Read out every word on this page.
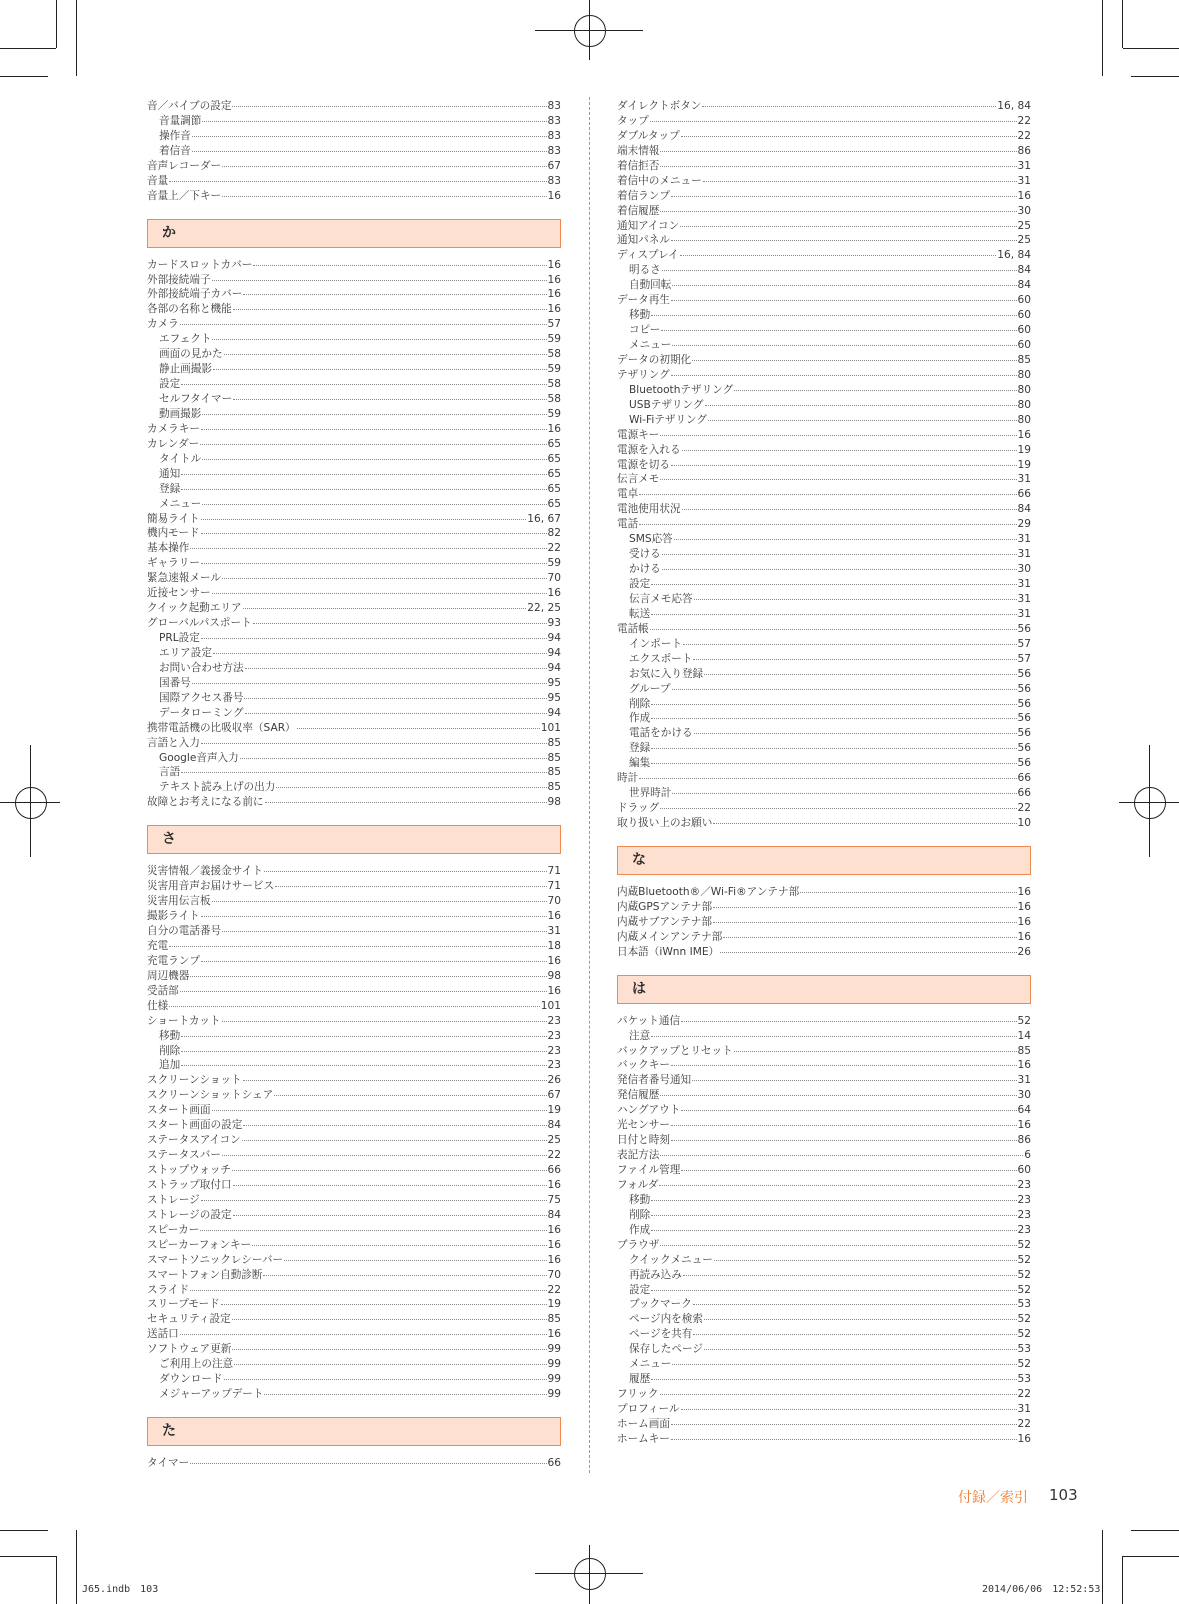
音／バイブの設定	83
音量調節	83
操作音	83
着信音	83
音声レコーダー	67
音量	83
音量上／下キー	16
か
カードスロットカバー	16
外部接続端子	16
外部接続端子カバー	16
各部の名称と機能	16
カメラ	57
エフェクト	59
画面の見かた	58
静止画撮影	59
設定	58
セルフタイマー	58
動画撮影	59
カメラキー	16
カレンダー	65
タイトル	65
通知	65
登録	65
メニュー	65
簡易ライト	16, 67
機内モード	82
基本操作	22
ギャラリー	59
緊急速報メール	70
近接センサー	16
クイック起動エリア	22, 25
グローバルパスポート	93
PRL設定	94
エリア設定	94
お問い合わせ方法	94
国番号	95
国際アクセス番号	95
データローミング	94
携帯電話機の比吸収率（SAR）	101
言語と入力	85
Google音声入力	85
言語	85
テキスト読み上げの出力	85
故障とお考えになる前に	98
さ
災害情報／義援金サイト	71
災害用音声お届けサービス	71
災害用伝言板	70
撮影ライト	16
自分の電話番号	31
充電	18
充電ランプ	16
周辺機器	98
受話部	16
仕様	101
ショートカット	23
移動	23
削除	23
追加	23
スクリーンショット	26
スクリーンショットシェア	67
スタート画面	19
スタート画面の設定	84
ステータスアイコン	25
ステータスバー	22
ストップウォッチ	66
ストラップ取付口	16
ストレージ	75
ストレージの設定	84
スピーカー	16
スピーカーフォンキー	16
スマートソニックレシーバー	16
スマートフォン自動診断	70
スライド	22
スリープモード	19
セキュリティ設定	85
送話口	16
ソフトウェア更新	99
ご利用上の注意	99
ダウンロード	99
メジャーアップデート	99
た
タイマー	66
ダイレクトボタン	16, 84
タップ	22
ダブルタップ	22
端末情報	86
着信拒否	31
着信中のメニュー	31
着信ランプ	16
着信履歴	30
通知アイコン	25
通知パネル	25
ディスプレイ	16, 84
明るさ	84
自動回転	84
データ再生	60
移動	60
コピー	60
メニュー	60
データの初期化	85
テザリング	80
Bluetoothテザリング	80
USBテザリング	80
Wi-Fiテザリング	80
電源キー	16
電源を入れる	19
電源を切る	19
伝言メモ	31
電卓	66
電池使用状況	84
電話	29
SMS応答	31
受ける	31
かける	30
設定	31
伝言メモ応答	31
転送	31
電話帳	56
インポート	57
エクスポート	57
お気に入り登録	56
グループ	56
削除	56
作成	56
電話をかける	56
登録	56
編集	56
時計	66
世界時計	66
ドラッグ	22
取り扱い上のお願い	10
な
内蔵Bluetooth®／Wi-Fi®アンテナ部	16
内蔵GPSアンテナ部	16
内蔵サブアンテナ部	16
内蔵メインアンテナ部	16
日本語（iWnn IME）	26
は
パケット通信	52
注意	14
バックアップとリセット	85
バックキー	16
発信者番号通知	31
発信履歴	30
ハングアウト	64
光センサー	16
日付と時刻	86
表記方法	6
ファイル管理	60
フォルダ	23
移動	23
削除	23
作成	23
ブラウザ	52
クイックメニュー	52
再読み込み	52
設定	52
ブックマーク	53
ページ内を検索	52
ページを共有	52
保存したページ	53
メニュー	52
履歴	53
フリック	22
プロフィール	31
ホーム画面	22
ホームキー	16
付録／索引 103
J65.indb　103	2014/06/06　12:52:53
